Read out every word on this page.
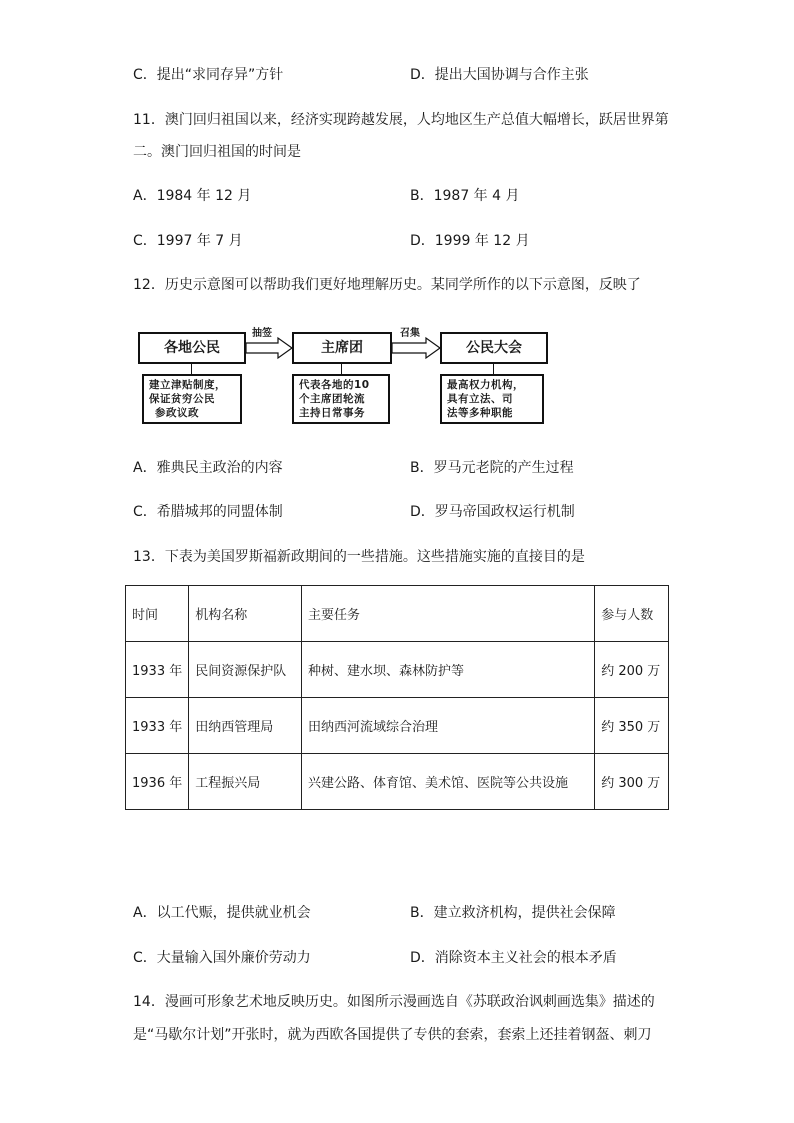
C．提出“求同存异”方针	D．提出大国协调与合作主张
11．澳门回归祖国以来，经济实现跨越发展，人均地区生产总值大幅增长，跃居世界第
二。澳门回归祖国的时间是
A．1984 年 12 月	B．1987 年 4 月
C．1997 年 7 月	D．1999 年 12 月
12．历史示意图可以帮助我们更好地理解历史。某同学所作的以下示意图，反映了
各地公民	主席团	公民大会
抽签	召集
建立津贴制度，
保证贫穷公民
参政议政
代表各地的10
个主席团轮流
主持日常事务
最高权力机构，
具有立法、司
法等多种职能
A．雅典民主政治的内容	B．罗马元老院的产生过程
C．希腊城邦的同盟体制	D．罗马帝国政权运行机制
13．下表为美国罗斯福新政期间的一些措施。这些措施实施的直接目的是
时间	机构名称	主要任务	参与人数
1933 年	民间资源保护队	种树、建水坝、森林防护等	约 200 万
1933 年	田纳西管理局	田纳西河流域综合治理	约 350 万
1936 年	工程振兴局	兴建公路、体育馆、美术馆、医院等公共设施	约 300 万
A．以工代赈，提供就业机会	B．建立救济机构，提供社会保障
C．大量输入国外廉价劳动力	D．消除资本主义社会的根本矛盾
14．漫画可形象艺术地反映历史。如图所示漫画选自《苏联政治讽刺画选集》描述的
是“马歇尔计划”开张时，就为西欧各国提供了专供的套索，套索上还挂着钢盔、刺刀
